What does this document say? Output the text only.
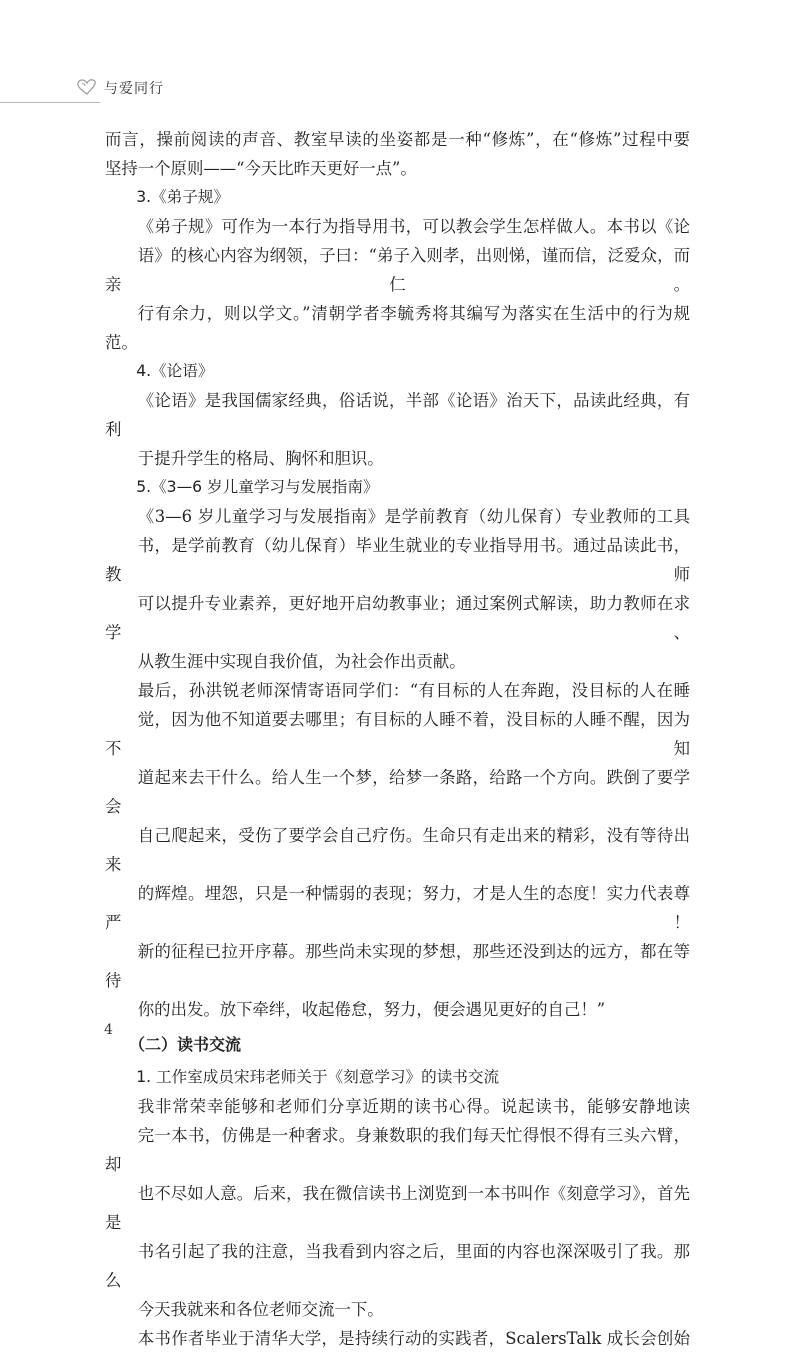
与爱同行
而言，操前阅读的声音、教室早读的坐姿都是一种“修炼”，在“修炼”过程中要
坚持一个原则——“今天比昨天更好一点”。
3.《弟子规》
《弟子规》可作为一本行为指导用书，可以教会学生怎样做人。本书以《论
语》的核心内容为纲领，子曰：“弟子入则孝，出则悌，谨而信，泛爱众，而亲仁。
行有余力，则以学文。”清朝学者李毓秀将其编写为落实在生活中的行为规范。
4.《论语》
《论语》是我国儒家经典，俗话说，半部《论语》治天下，品读此经典，有利
于提升学生的格局、胸怀和胆识。
5.《3—6 岁儿童学习与发展指南》
《3—6 岁儿童学习与发展指南》是学前教育（幼儿保育）专业教师的工具
书，是学前教育（幼儿保育）毕业生就业的专业指导用书。通过品读此书，教师
可以提升专业素养，更好地开启幼教事业；通过案例式解读，助力教师在求学、
从教生涯中实现自我价值，为社会作出贡献。
最后，孙洪锐老师深情寄语同学们：“有目标的人在奔跑，没目标的人在睡
觉，因为他不知道要去哪里；有目标的人睡不着，没目标的人睡不醒，因为不知
道起来去干什么。给人生一个梦，给梦一条路，给路一个方向。跌倒了要学会
自己爬起来，受伤了要学会自己疗伤。生命只有走出来的精彩，没有等待出来
的辉煌。埋怨，只是一种懦弱的表现；努力，才是人生的态度！实力代表尊严！
新的征程已拉开序幕。那些尚未实现的梦想，那些还没到达的远方，都在等待
你的出发。放下牵绊，收起倦怠，努力，便会遇见更好的自己！”
（二）读书交流
1. 工作室成员宋玮老师关于《刻意学习》的读书交流
我非常荣幸能够和老师们分享近期的读书心得。说起读书，能够安静地读
完一本书，仿佛是一种奢求。身兼数职的我们每天忙得恨不得有三头六臂，却
也不尽如人意。后来，我在微信读书上浏览到一本书叫作《刻意学习》，首先是
书名引起了我的注意，当我看到内容之后，里面的内容也深深吸引了我。那么
今天我就来和各位老师交流一下。
本书作者毕业于清华大学，是持续行动的实践者，ScalersTalk 成长会创始
4
